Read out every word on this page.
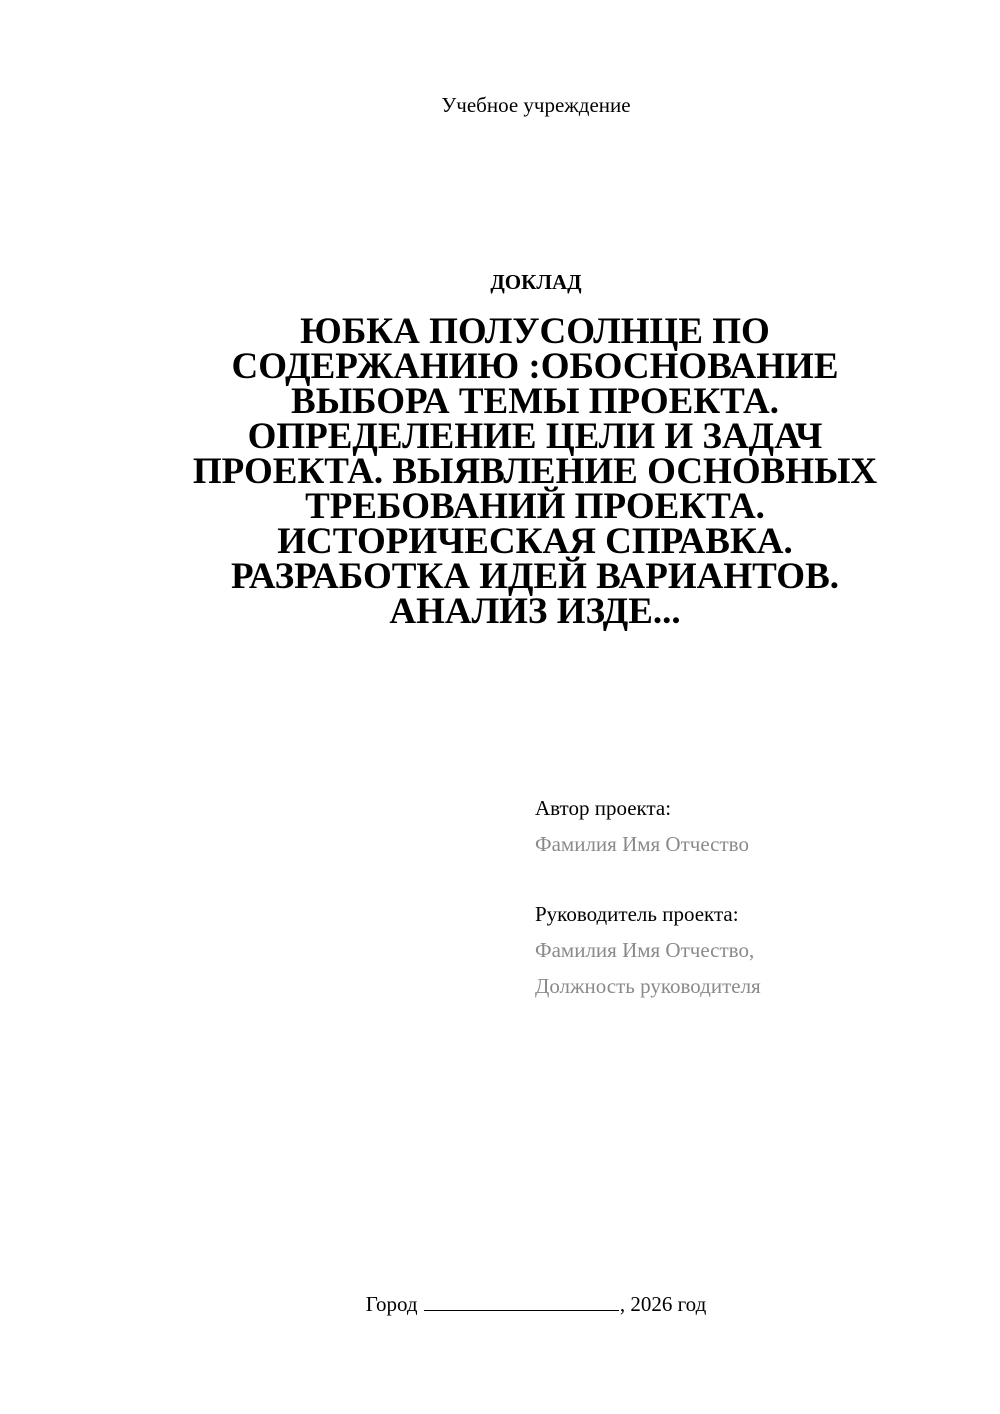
Учебное учреждение
ДОКЛАД
ЮБКА ПОЛУСОЛНЦЕ ПО СОДЕРЖАНИЮ :ОБОСНОВАНИЕ ВЫБОРА ТЕМЫ ПРОЕКТА. ОПРЕДЕЛЕНИЕ ЦЕЛИ И ЗАДАЧ ПРОЕКТА. ВЫЯВЛЕНИЕ ОСНОВНЫХ ТРЕБОВАНИЙ ПРОЕКТА. ИСТОРИЧЕСКАЯ СПРАВКА. РАЗРАБОТКА ИДЕЙ ВАРИАНТОВ. АНАЛИЗ ИЗДЕ...
Автор проекта:
Фамилия Имя Отчество
Руководитель проекта:
Фамилия Имя Отчество,
Должность руководителя
Город	, 2026 год
